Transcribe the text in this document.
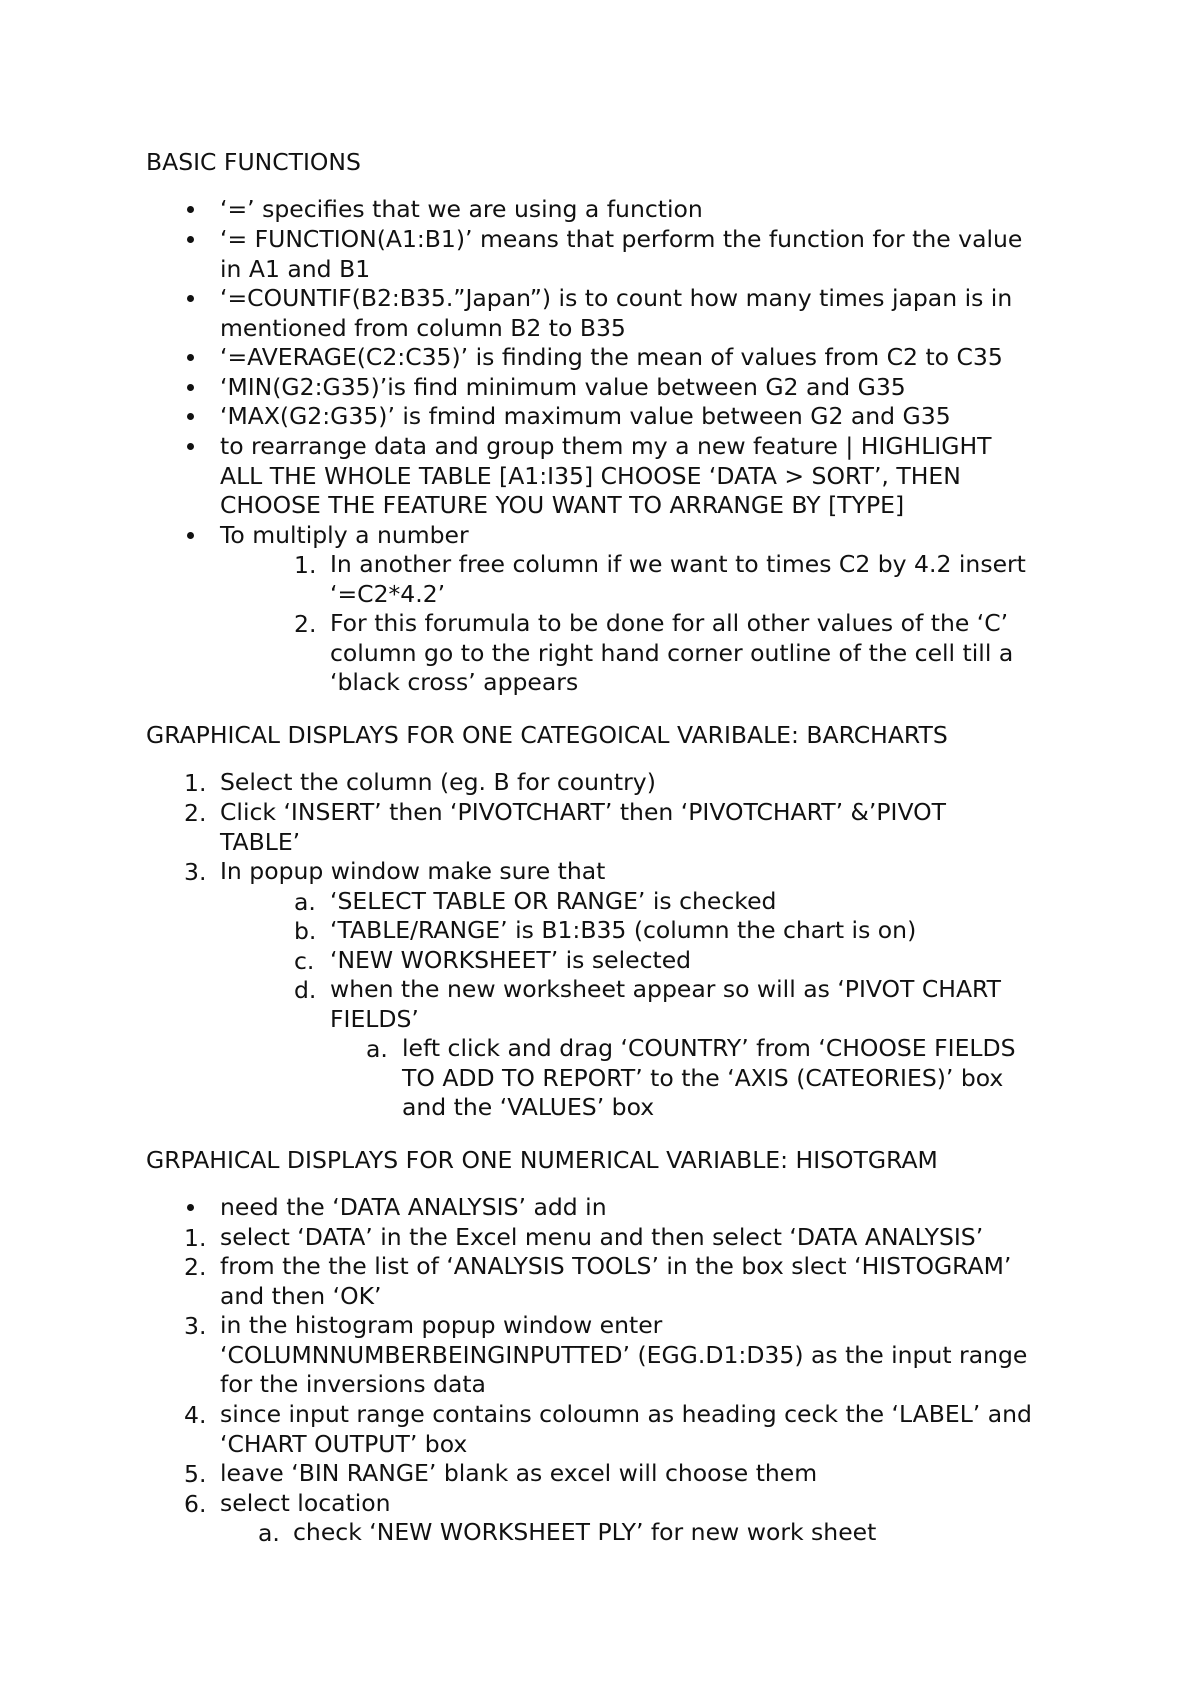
BASIC FUNCTIONS
‘=’ specifies that we are using a function
‘= FUNCTION(A1:B1)’ means that perform the function for the value
in A1 and B1
‘=COUNTIF(B2:B35.”Japan”) is to count how many times japan is in
mentioned from column B2 to B35
‘=AVERAGE(C2:C35)’ is finding the mean of values from C2 to C35
‘MIN(G2:G35)’is find minimum value between G2 and G35
‘MAX(G2:G35)’ is fmind maximum value between G2 and G35
to rearrange data and group them my a new feature | HIGHLIGHT
ALL THE WHOLE TABLE [A1:I35] CHOOSE ‘DATA > SORT’, THEN
CHOOSE THE FEATURE YOU WANT TO ARRANGE BY [TYPE]
To multiply a number
1. In another free column if we want to times C2 by 4.2 insert
‘=C2*4.2’
2. For this forumula to be done for all other values of the ‘C’
column go to the right hand corner outline of the cell till a
‘black cross’ appears
GRAPHICAL DISPLAYS FOR ONE CATEGOICAL VARIBALE: BARCHARTS
1. Select the column (eg. B for country)
2. Click ‘INSERT’ then ‘PIVOTCHART’ then ‘PIVOTCHART’ &’PIVOT
TABLE’
3. In popup window make sure that
a. ‘SELECT TABLE OR RANGE’ is checked
b. ‘TABLE/RANGE’ is B1:B35 (column the chart is on)
c. ‘NEW WORKSHEET’ is selected
d. when the new worksheet appear so will as ‘PIVOT CHART
FIELDS’
a. left click and drag ‘COUNTRY’ from ‘CHOOSE FIELDS
TO ADD TO REPORT’ to the ‘AXIS (CATEORIES)’ box
and the ‘VALUES’ box
GRPAHICAL DISPLAYS FOR ONE NUMERICAL VARIABLE: HISOTGRAM
need the ‘DATA ANALYSIS’ add in
1. select ‘DATA’ in the Excel menu and then select ‘DATA ANALYSIS’
2. from the the list of ‘ANALYSIS TOOLS’ in the box slect ‘HISTOGRAM’
and then ‘OK’
3. in the histogram popup window enter
‘COLUMNNUMBERBEINGINPUTTED’ (EGG.D1:D35) as the input range
for the inversions data
4. since input range contains coloumn as heading ceck the ‘LABEL’ and
‘CHART OUTPUT’ box
5. leave ‘BIN RANGE’ blank as excel will choose them
6. select location
a. check ‘NEW WORKSHEET PLY’ for new work sheet
